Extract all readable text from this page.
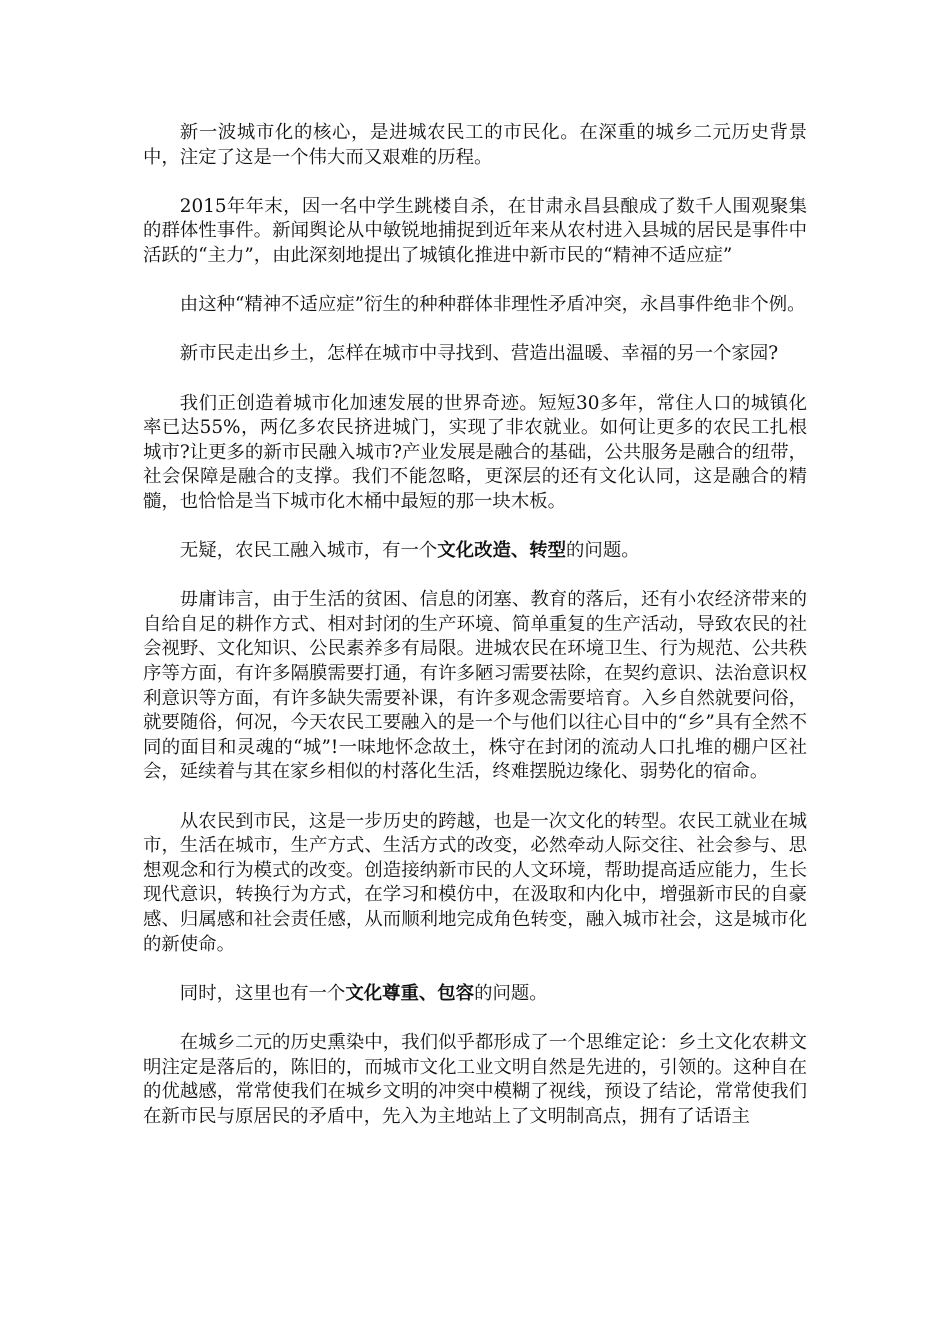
新一波城市化的核心，是进城农民工的市民化。在深重的城乡二元历史背景中，注定了这是一个伟大而又艰难的历程。

2015年年末，因一名中学生跳楼自杀，在甘肃永昌县酿成了数千人围观聚集的群体性事件。新闻舆论从中敏锐地捕捉到近年来从农村进入县城的居民是事件中活跃的“主力”，由此深刻地提出了城镇化推进中新市民的“精神不适应症”

由这种“精神不适应症”衍生的种种群体非理性矛盾冲突，永昌事件绝非个例。

新市民走出乡土，怎样在城市中寻找到、营造出温暖、幸福的另一个家园?

我们正创造着城市化加速发展的世界奇迹。短短30多年，常住人口的城镇化率已达55%，两亿多农民挤进城门，实现了非农就业。如何让更多的农民工扎根城市?让更多的新市民融入城市?产业发展是融合的基础，公共服务是融合的纽带，社会保障是融合的支撑。我们不能忽略，更深层的还有文化认同，这是融合的精髓，也恰恰是当下城市化木桶中最短的那一块木板。

无疑，农民工融入城市，有一个文化改造、转型的问题。

毋庸讳言，由于生活的贫困、信息的闭塞、教育的落后，还有小农经济带来的自给自足的耕作方式、相对封闭的生产环境、简单重复的生产活动，导致农民的社会视野、文化知识、公民素养多有局限。进城农民在环境卫生、行为规范、公共秩序等方面，有许多隔膜需要打通，有许多陋习需要祛除，在契约意识、法治意识权利意识等方面，有许多缺失需要补课，有许多观念需要培育。入乡自然就要问俗，就要随俗，何况，今天农民工要融入的是一个与他们以往心目中的“乡”具有全然不同的面目和灵魂的“城”!一味地怀念故土，株守在封闭的流动人口扎堆的棚户区社会，延续着与其在家乡相似的村落化生活，终难摆脱边缘化、弱势化的宿命。

从农民到市民，这是一步历史的跨越，也是一次文化的转型。农民工就业在城市，生活在城市，生产方式、生活方式的改变，必然牵动人际交往、社会参与、思想观念和行为模式的改变。创造接纳新市民的人文环境，帮助提高适应能力，生长现代意识，转换行为方式，在学习和模仿中，在汲取和内化中，增强新市民的自豪感、归属感和社会责任感，从而顺利地完成角色转变，融入城市社会，这是城市化的新使命。

同时，这里也有一个文化尊重、包容的问题。

在城乡二元的历史熏染中，我们似乎都形成了一个思维定论：乡土文化农耕文明注定是落后的，陈旧的，而城市文化工业文明自然是先进的，引领的。这种自在的优越感，常常使我们在城乡文明的冲突中模糊了视线，预设了结论，常常使我们在新市民与原居民的矛盾中，先入为主地站上了文明制高点，拥有了话语主
